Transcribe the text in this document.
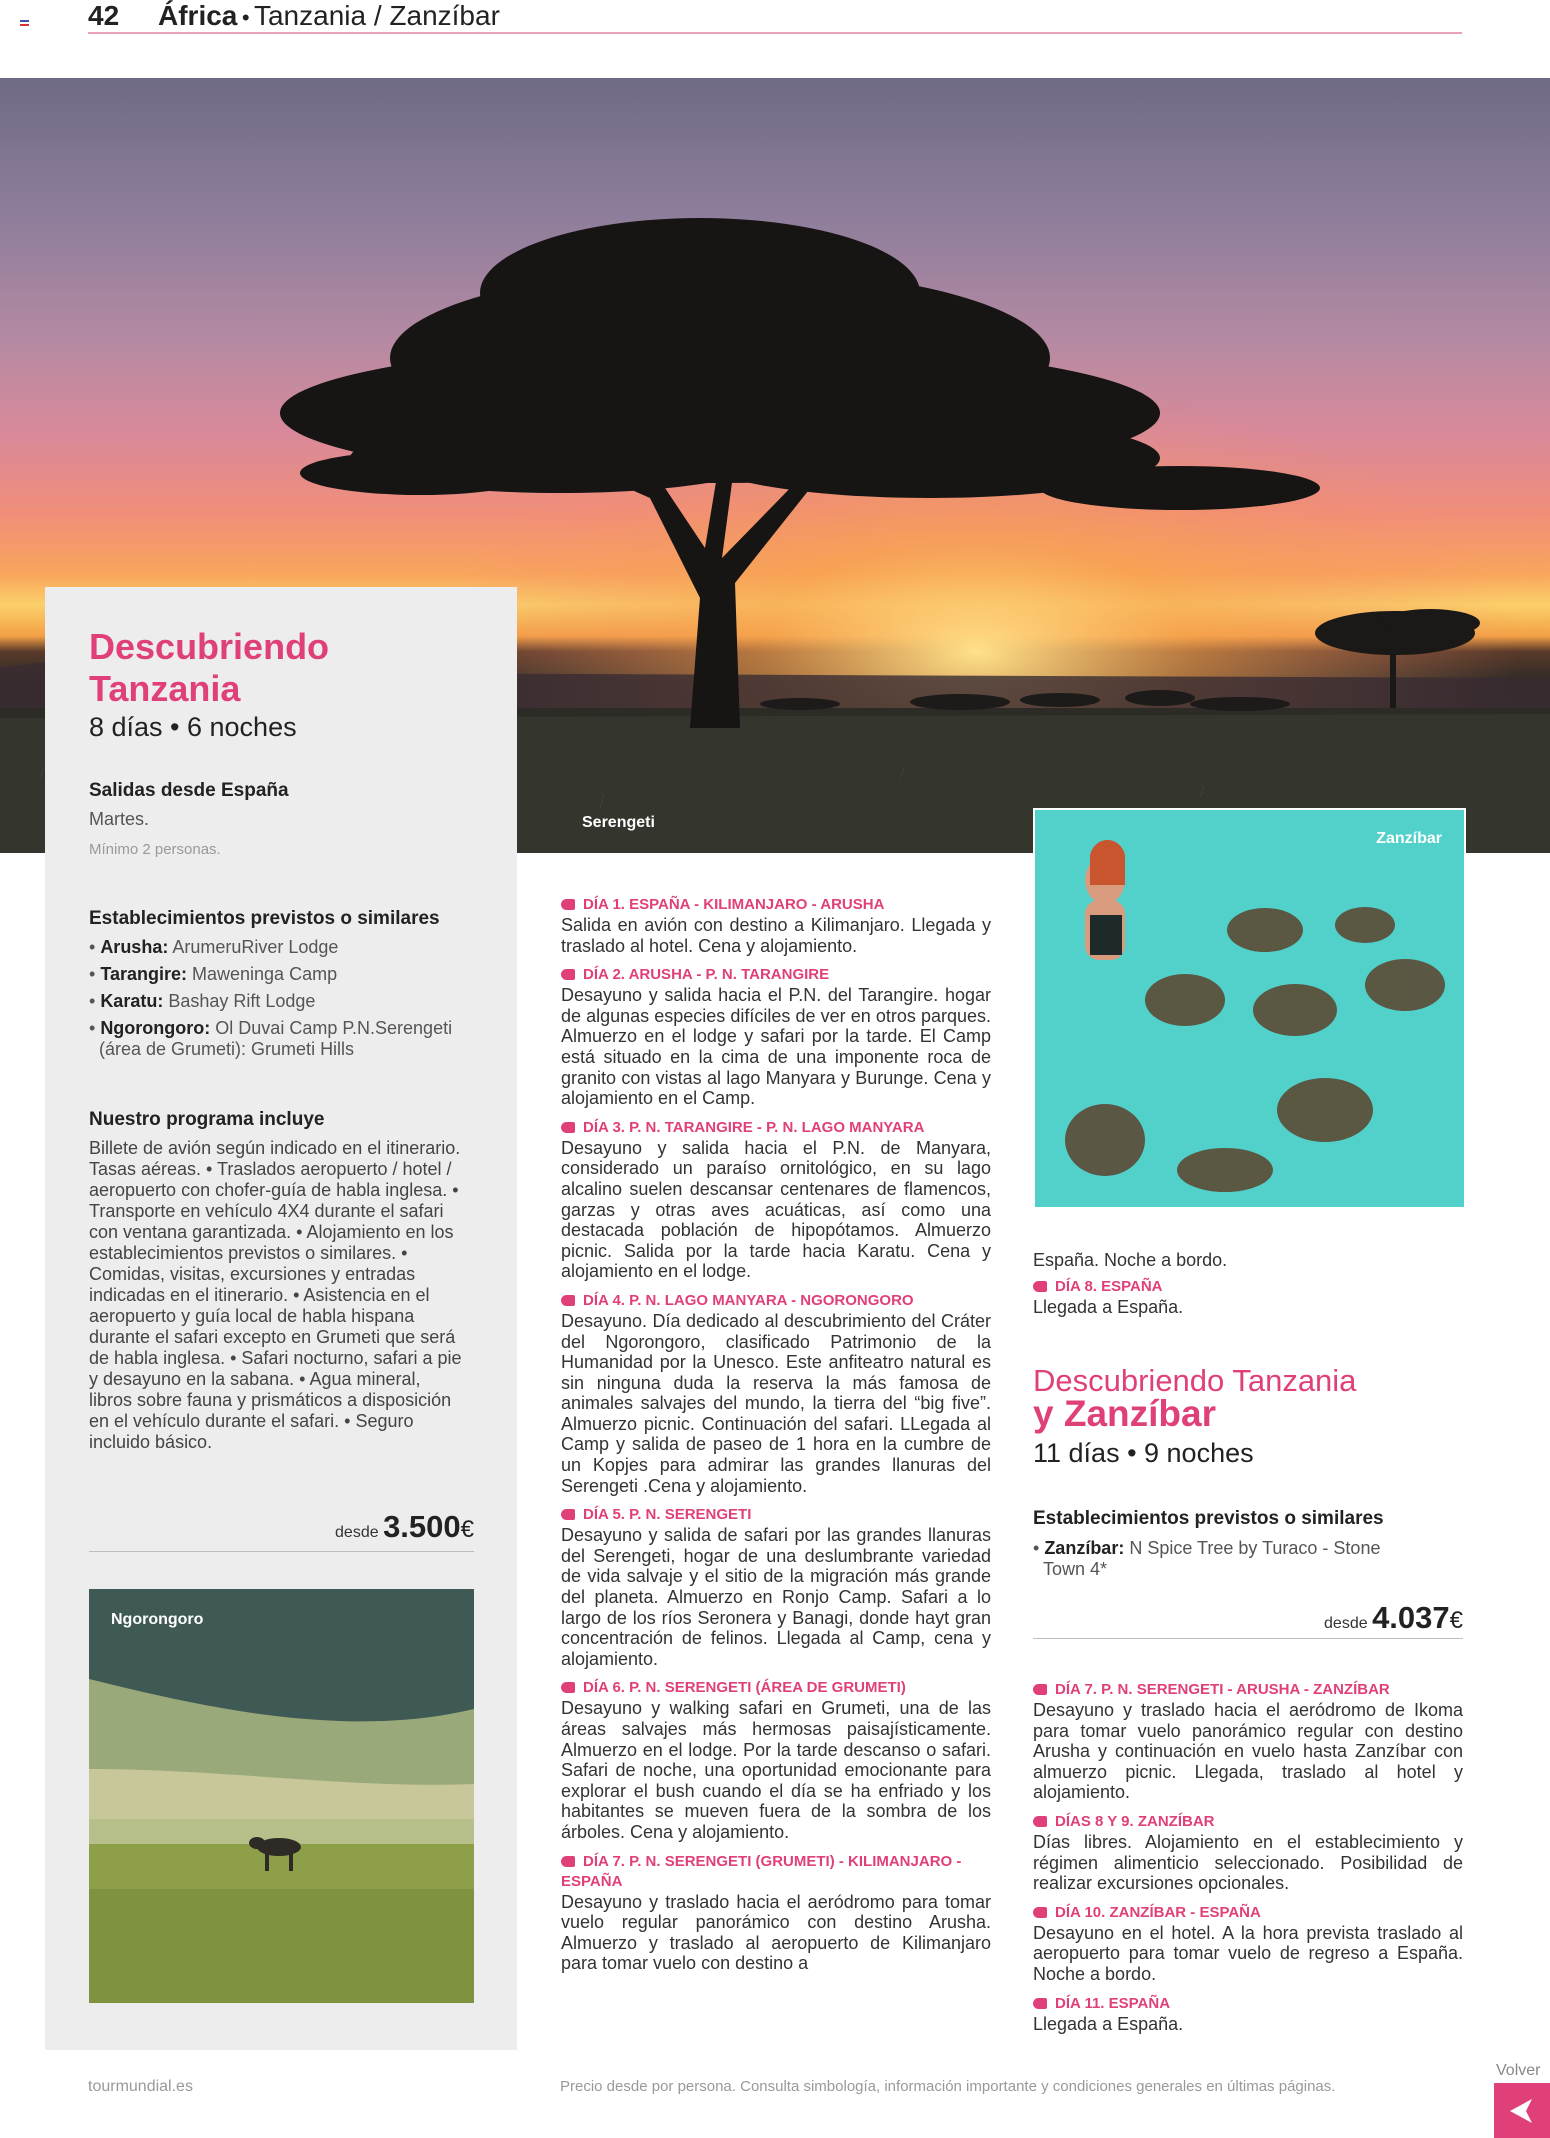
42 África • Tanzania / Zanzíbar
Serengeti
Descubriendo
Tanzania
8 días • 6 noches
Salidas desde España
Martes.
Mínimo 2 personas.
Establecimientos previstos o similares
• Arusha: ArumeruRiver Lodge
• Tarangire: Maweninga Camp
• Karatu: Bashay Rift Lodge
• Ngorongoro: Ol Duvai Camp P.N.Serengeti (área de Grumeti): Grumeti Hills
Nuestro programa incluye
Billete de avión según indicado en el itinerario. Tasas aéreas. • Traslados aeropuerto / hotel / aeropuerto con chofer-guía de habla inglesa. • Transporte en vehículo 4X4 durante el safari con ventana garantizada. • Alojamiento en los establecimientos previstos o similares. • Comidas, visitas, excursiones y entradas indicadas en el itinerario. • Asistencia en el aeropuerto y guía local de habla hispana durante el safari excepto en Grumeti que será de habla inglesa. • Safari nocturno, safari a pie y desayuno en la sabana. • Agua mineral, libros sobre fauna y prismáticos a disposición en el vehículo durante el safari. • Seguro incluido básico.
desde 3.500€
Ngorongoro

DÍA 1. ESPAÑA - KILIMANJARO - ARUSHA

Salida en avión con destino a Kilimanjaro. Llegada y traslado al hotel. Cena y alojamiento.

DÍA 2. ARUSHA - P. N. TARANGIRE

Desayuno y salida hacia el P.N. del Tarangire. hogar de algunas especies difíciles de ver en otros parques. Almuerzo en el lodge y safari por la tarde. El Camp está situado en la cima de una imponente roca de granito con vistas al lago Manyara y Burunge. Cena y alojamiento en el Camp.

DÍA 3. P. N. TARANGIRE - P. N. LAGO MANYARA

Desayuno y salida hacia el P.N. de Manyara, considerado un paraíso ornitológico, en su lago alcalino suelen descansar centenares de flamencos, garzas y otras aves acuáticas, así como una destacada población de hipopótamos. Almuerzo picnic. Salida por la tarde hacia Karatu. Cena y alojamiento en el lodge.

DÍA 4. P. N. LAGO MANYARA - NGORONGORO

Desayuno. Día dedicado al descubrimiento del Cráter del Ngorongoro, clasificado Patrimonio de la Humanidad por la Unesco. Este anfiteatro natural es sin ninguna duda la reserva la más famosa de animales salvajes del mundo, la tierra del “big five”. Almuerzo picnic. Continuación del safari. LLegada al Camp y salida de paseo de 1 hora en la cumbre de un Kopjes para admirar las grandes llanuras del Serengeti .Cena y alojamiento.

DÍA 5. P. N. SERENGETI

Desayuno y salida de safari por las grandes llanuras del Serengeti, hogar de una deslumbrante variedad de vida salvaje y el sitio de la migración más grande del planeta. Almuerzo en Ronjo Camp. Safari a lo largo de los ríos Seronera y Banagi, donde hayt gran concentración de felinos. Llegada al Camp, cena y alojamiento.

DÍA 6. P. N. SERENGETI (ÁREA DE GRUMETI)

Desayuno y walking safari en Grumeti, una de las áreas salvajes más hermosas paisajísticamente. Almuerzo en el lodge. Por la tarde descanso o safari. Safari de noche, una oportunidad emocionante para explorar el bush cuando el día se ha enfriado y los habitantes se mueven fuera de la sombra de los árboles. Cena y alojamiento.

DÍA 7. P. N. SERENGETI (GRUMETI) - KILIMANJARO - ESPAÑA

Desayuno y traslado hacia el aeródromo para tomar vuelo regular panorámico con destino Arusha. Almuerzo y traslado al aeropuerto de Kilimanjaro para tomar vuelo con destino a

Zanzíbar

España. Noche a bordo.

DÍA 8. ESPAÑA

Llegada a España.

Descubriendo Tanzania
y Zanzíbar
11 días • 9 noches
Establecimientos previstos o similares
• Zanzíbar: N Spice Tree by Turaco - Stone Town 4*
desde 4.037€

DÍA 7. P. N. SERENGETI - ARUSHA - ZANZÍBAR

Desayuno y traslado hacia el aeródromo de Ikoma para tomar vuelo panorámico regular con destino Arusha y continuación en vuelo hasta Zanzíbar con almuerzo picnic. Llegada, traslado al hotel y alojamiento.

DÍAS 8 Y 9. ZANZÍBAR

Días libres. Alojamiento en el establecimiento y régimen alimenticio seleccionado. Posibilidad de realizar excursiones opcionales.

DÍA 10. ZANZÍBAR - ESPAÑA

Desayuno en el hotel. A la hora prevista traslado al aeropuerto para tomar vuelo de regreso a España. Noche a bordo.

DÍA 11. ESPAÑA

Llegada a España.

tourmundial.es	Precio desde por persona. Consulta simbología, información importante y condiciones generales en últimas páginas.
Volver
